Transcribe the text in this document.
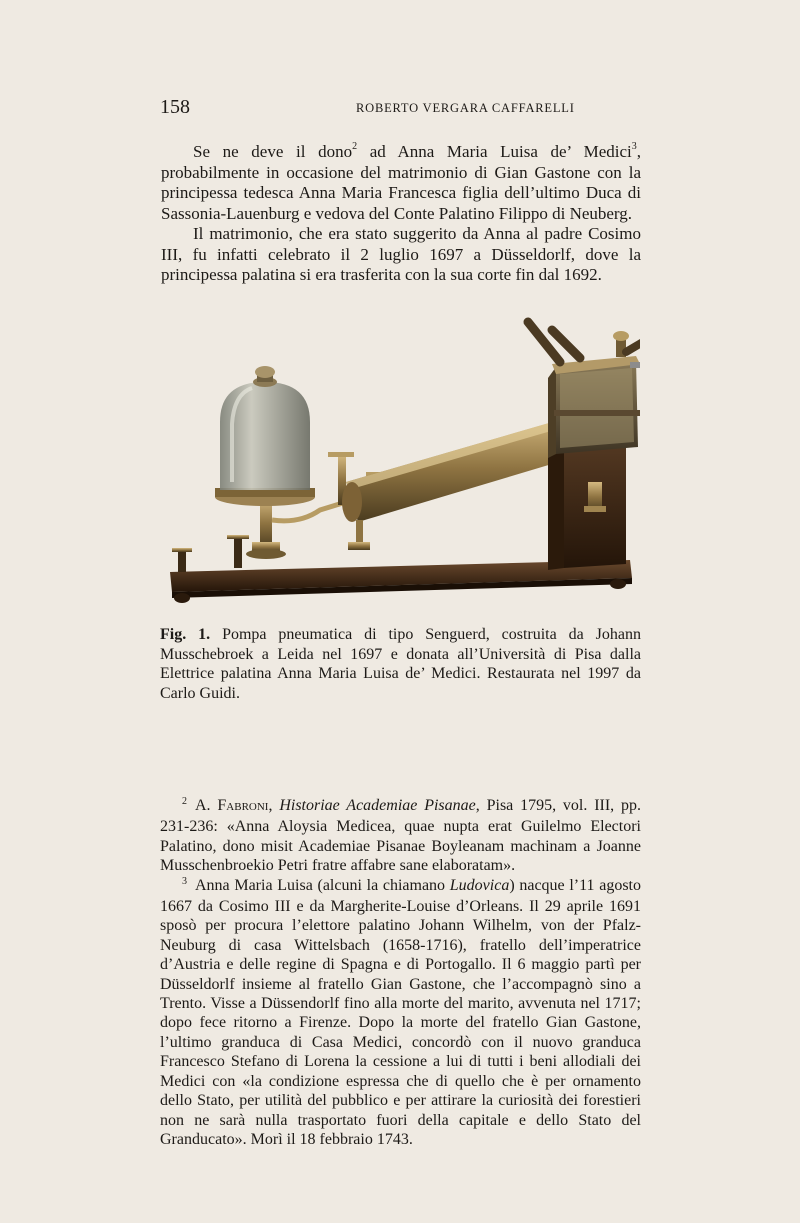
158	ROBERTO VERGARA CAFFARELLI

Se ne deve il dono$^2$ ad Anna Maria Luisa de’ Medici$^3$, probabilmente in occasione del matrimonio di Gian Gastone con la principessa tedesca Anna Maria Francesca figlia dell’ultimo Duca di Sassonia-Lauenburg e vedova del Conte Palatino Filippo di Neuberg.

Il matrimonio, che era stato suggerito da Anna al padre Cosimo III, fu infatti celebrato il 2 luglio 1697 a Düsseldorlf, dove la principessa palatina si era trasferita con la sua corte fin dal 1692.

Fig. 1. Pompa pneumatica di tipo Senguerd, costruita da Johann Musschebroek a Leida nel 1697 e donata all’Università di Pisa dalla Elettrice palatina Anna Maria Luisa de’ Medici. Restaurata nel 1997 da Carlo Guidi.

$^2$ A. Fabroni, Historiae Academiae Pisanae, Pisa 1795, vol. III, pp. 231-236: «Anna Aloysia Medicea, quae nupta erat Guilelmo Electori Palatino, dono misit Academiae Pisanae Boyleanam machinam a Joanne Musschenbroekio Petri fratre affabre sane elaboratam».

$^3$ Anna Maria Luisa (alcuni la chiamano Ludovica) nacque l’11 agosto 1667 da Cosimo III e da Margherite-Louise d’Orleans. Il 29 aprile 1691 sposò per procura l’elettore palatino Johann Wilhelm, von der Pfalz-Neuburg di casa Wittelsbach (1658-1716), fratello dell’imperatrice d’Austria e delle regine di Spagna e di Portogallo. Il 6 maggio partì per Düsseldorlf insieme al fratello Gian Gastone, che l’accompagnò sino a Trento. Visse a Düssendorlf fino alla morte del marito, avvenuta nel 1717; dopo fece ritorno a Firenze. Dopo la morte del fratello Gian Gastone, l’ultimo granduca di Casa Medici, concordò con il nuovo granduca Francesco Stefano di Lorena la cessione a lui di tutti i beni allodiali dei Medici con «la condizione espressa che di quello che è per ornamento dello Stato, per utilità del pubblico e per attirare la curiosità dei forestieri non ne sarà nulla trasportato fuori della capitale e dello Stato del Granducato». Morì il 18 febbraio 1743.
